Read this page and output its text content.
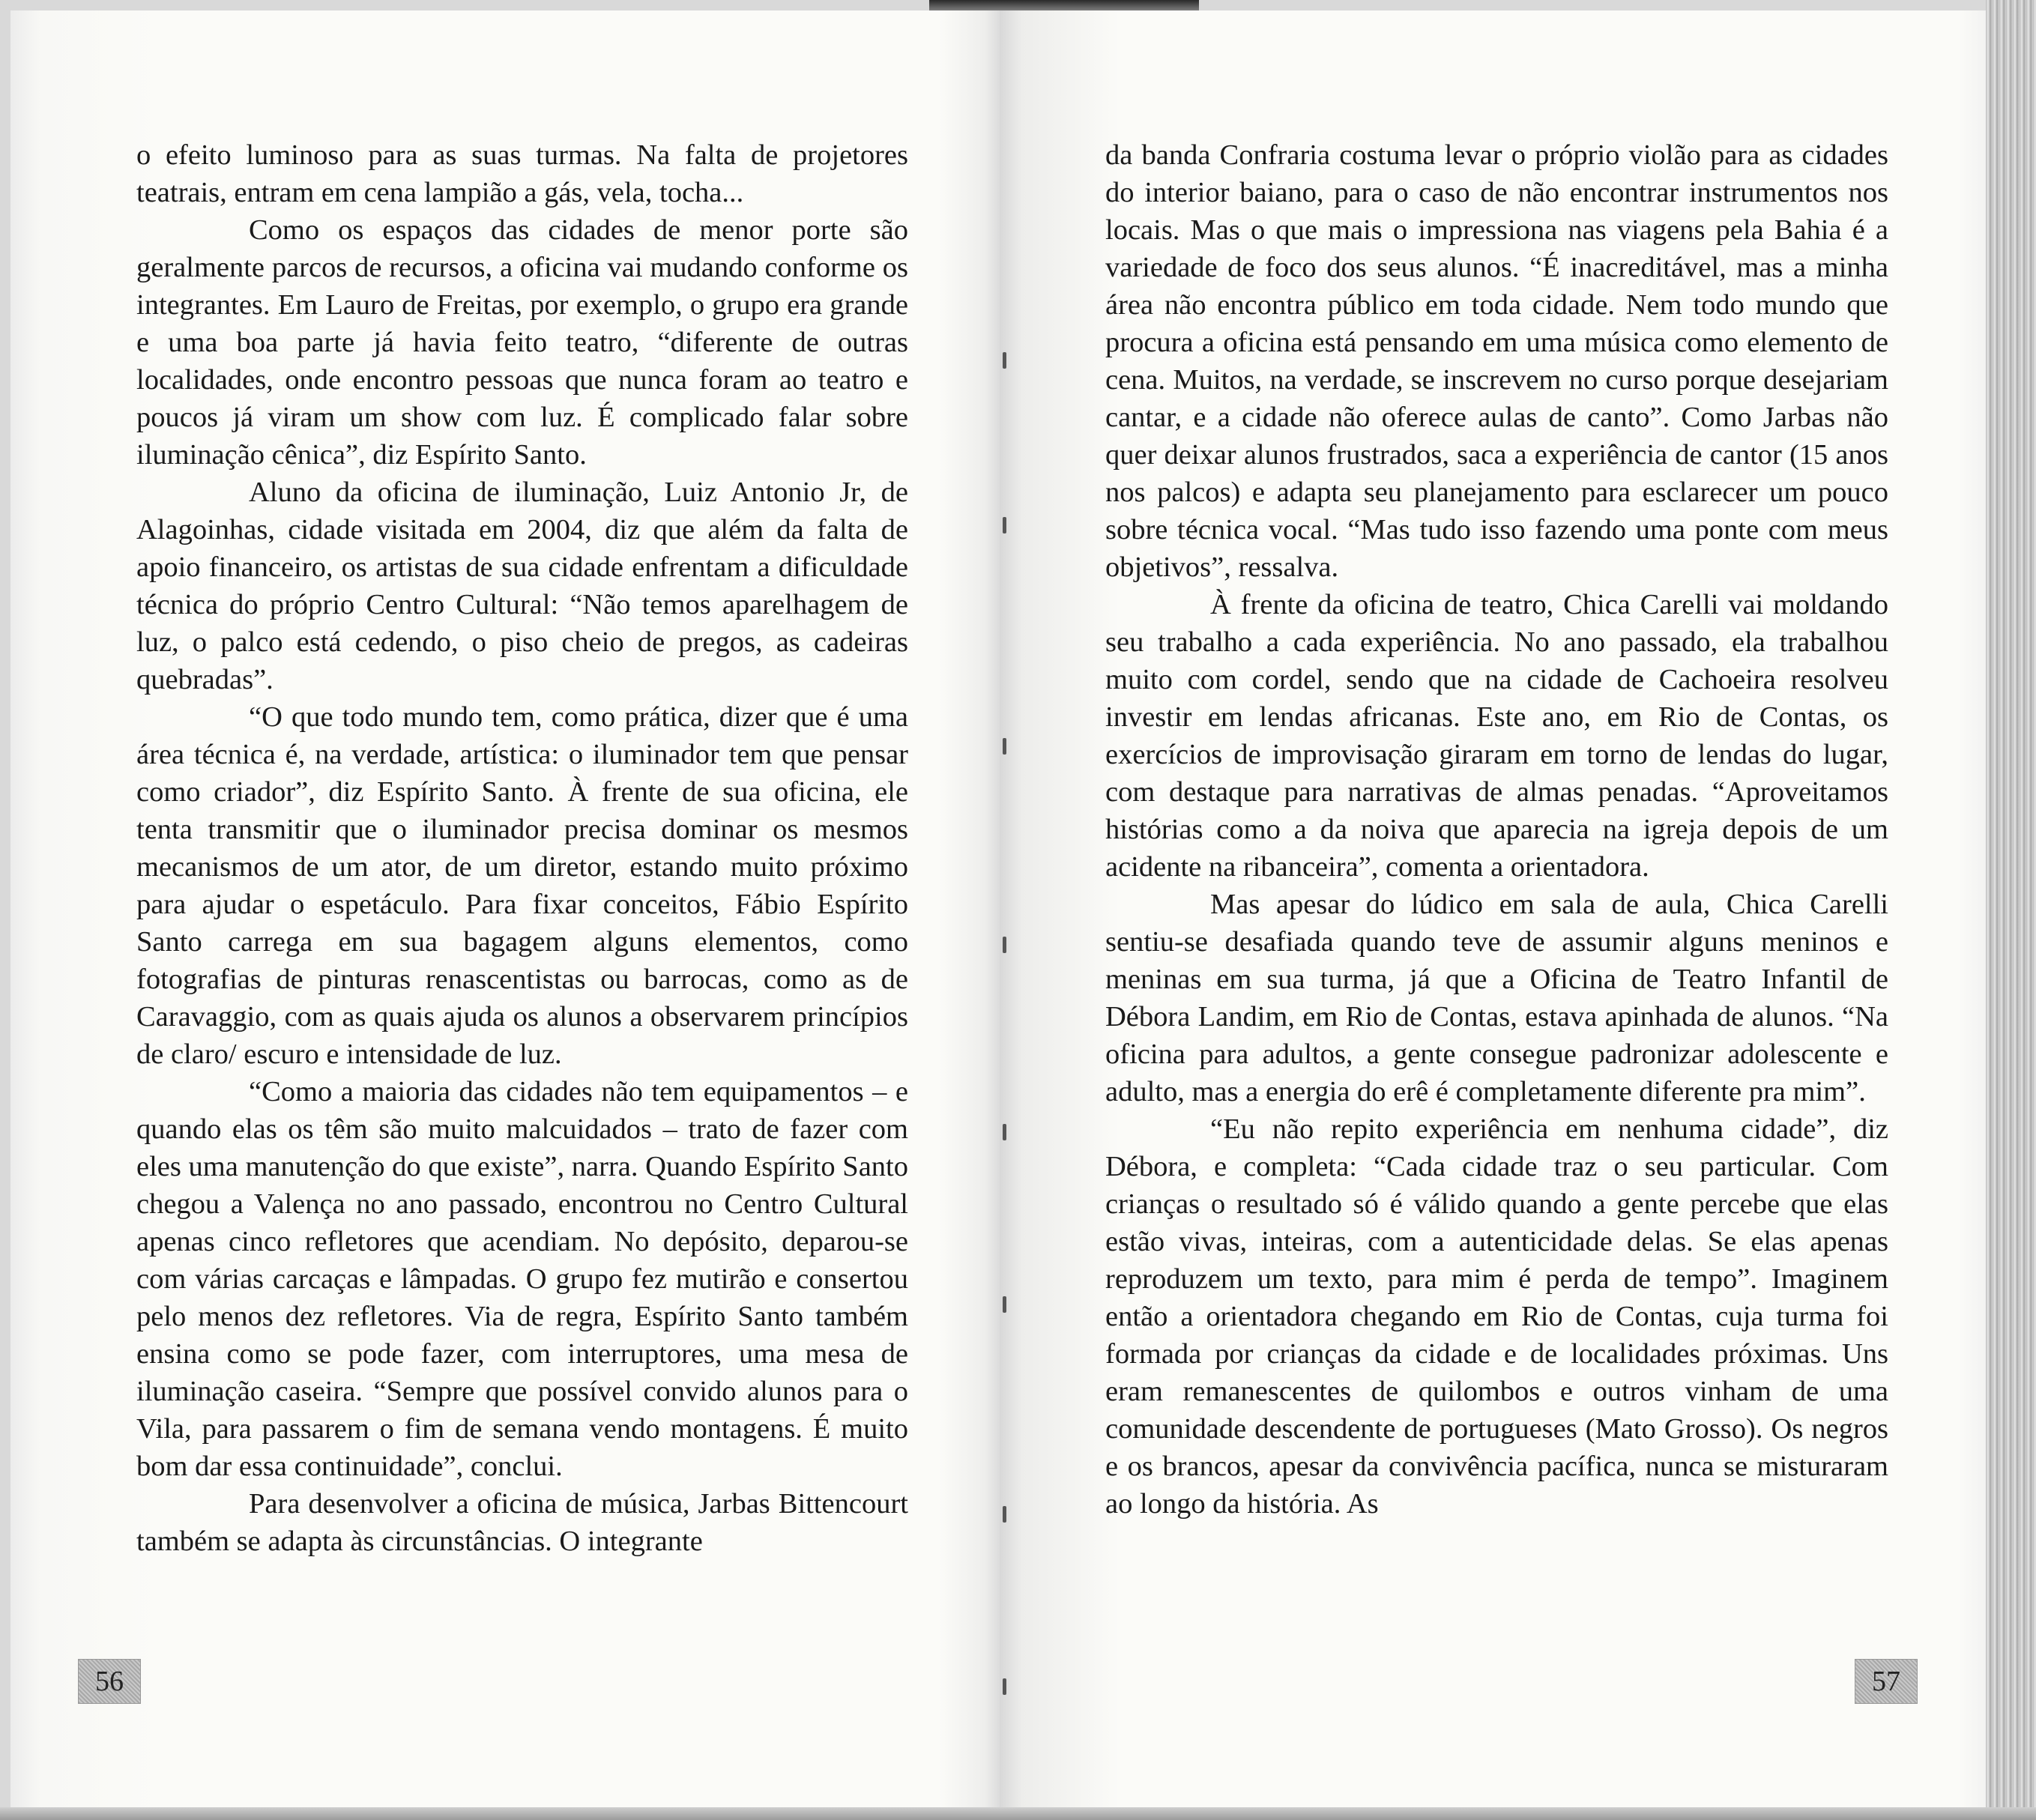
o efeito luminoso para as suas turmas. Na falta de projetores teatrais, entram em cena lampião a gás, vela, tocha...

Como os espaços das cidades de menor porte são geralmente parcos de recursos, a oficina vai mudando conforme os integrantes. Em Lauro de Freitas, por exemplo, o grupo era grande e uma boa parte já havia feito teatro, “diferente de outras localidades, onde encontro pessoas que nunca foram ao teatro e poucos já viram um show com luz. É complicado falar sobre iluminação cênica”, diz Espírito Santo.

Aluno da oficina de iluminação, Luiz Antonio Jr, de Alagoinhas, cidade visitada em 2004, diz que além da falta de apoio financeiro, os artistas de sua cidade enfrentam a dificuldade técnica do próprio Centro Cultural: “Não temos aparelhagem de luz, o palco está cedendo, o piso cheio de pregos, as cadeiras quebradas”.

“O que todo mundo tem, como prática, dizer que é uma área técnica é, na verdade, artística: o iluminador tem que pensar como criador”, diz Espírito Santo. À frente de sua oficina, ele tenta transmitir que o iluminador precisa dominar os mesmos mecanismos de um ator, de um diretor, estando muito próximo para ajudar o espetáculo. Para fixar conceitos, Fábio Espírito Santo carrega em sua bagagem alguns elementos, como fotografias de pinturas renascentistas ou barrocas, como as de Caravaggio, com as quais ajuda os alunos a observarem princípios de claro/ escuro e intensidade de luz.

“Como a maioria das cidades não tem equipamentos – e quando elas os têm são muito malcuidados – trato de fazer com eles uma manutenção do que existe”, narra. Quando Espírito Santo chegou a Valença no ano passado, encontrou no Centro Cultural apenas cinco refletores que acendiam. No depósito, deparou-se com várias carcaças e lâmpadas. O grupo fez mutirão e consertou pelo menos dez refletores. Via de regra, Espírito Santo também ensina como se pode fazer, com interruptores, uma mesa de iluminação caseira. “Sempre que possível convido alunos para o Vila, para passarem o fim de semana vendo montagens. É muito bom dar essa continuidade”, conclui.

Para desenvolver a oficina de música, Jarbas Bittencourt também se adapta às circunstâncias. O integrante

56

da banda Confraria costuma levar o próprio violão para as cidades do interior baiano, para o caso de não encontrar instrumentos nos locais. Mas o que mais o impressiona nas viagens pela Bahia é a variedade de foco dos seus alunos. “É inacreditável, mas a minha área não encontra público em toda cidade. Nem todo mundo que procura a oficina está pensando em uma música como elemento de cena. Muitos, na verdade, se inscrevem no curso porque desejariam cantar, e a cidade não oferece aulas de canto”. Como Jarbas não quer deixar alunos frustrados, saca a experiência de cantor (15 anos nos palcos) e adapta seu planejamento para esclarecer um pouco sobre técnica vocal. “Mas tudo isso fazendo uma ponte com meus objetivos”, ressalva.

À frente da oficina de teatro, Chica Carelli vai moldando seu trabalho a cada experiência. No ano passado, ela trabalhou muito com cordel, sendo que na cidade de Cachoeira resolveu investir em lendas africanas. Este ano, em Rio de Contas, os exercícios de improvisação giraram em torno de lendas do lugar, com destaque para narrativas de almas penadas. “Aproveitamos histórias como a da noiva que aparecia na igreja depois de um acidente na ribanceira”, comenta a orientadora.

Mas apesar do lúdico em sala de aula, Chica Carelli sentiu-se desafiada quando teve de assumir alguns meninos e meninas em sua turma, já que a Oficina de Teatro Infantil de Débora Landim, em Rio de Contas, estava apinhada de alunos. “Na oficina para adultos, a gente consegue padronizar adolescente e adulto, mas a energia do erê é completamente diferente pra mim”.

“Eu não repito experiência em nenhuma cidade”, diz Débora, e completa: “Cada cidade traz o seu particular. Com crianças o resultado só é válido quando a gente percebe que elas estão vivas, inteiras, com a autenticidade delas. Se elas apenas reproduzem um texto, para mim é perda de tempo”. Imaginem então a orientadora chegando em Rio de Contas, cuja turma foi formada por crianças da cidade e de localidades próximas. Uns eram remanescentes de quilombos e outros vinham de uma comunidade descendente de portugueses (Mato Grosso). Os negros e os brancos, apesar da convivência pacífica, nunca se misturaram ao longo da história. As

57
